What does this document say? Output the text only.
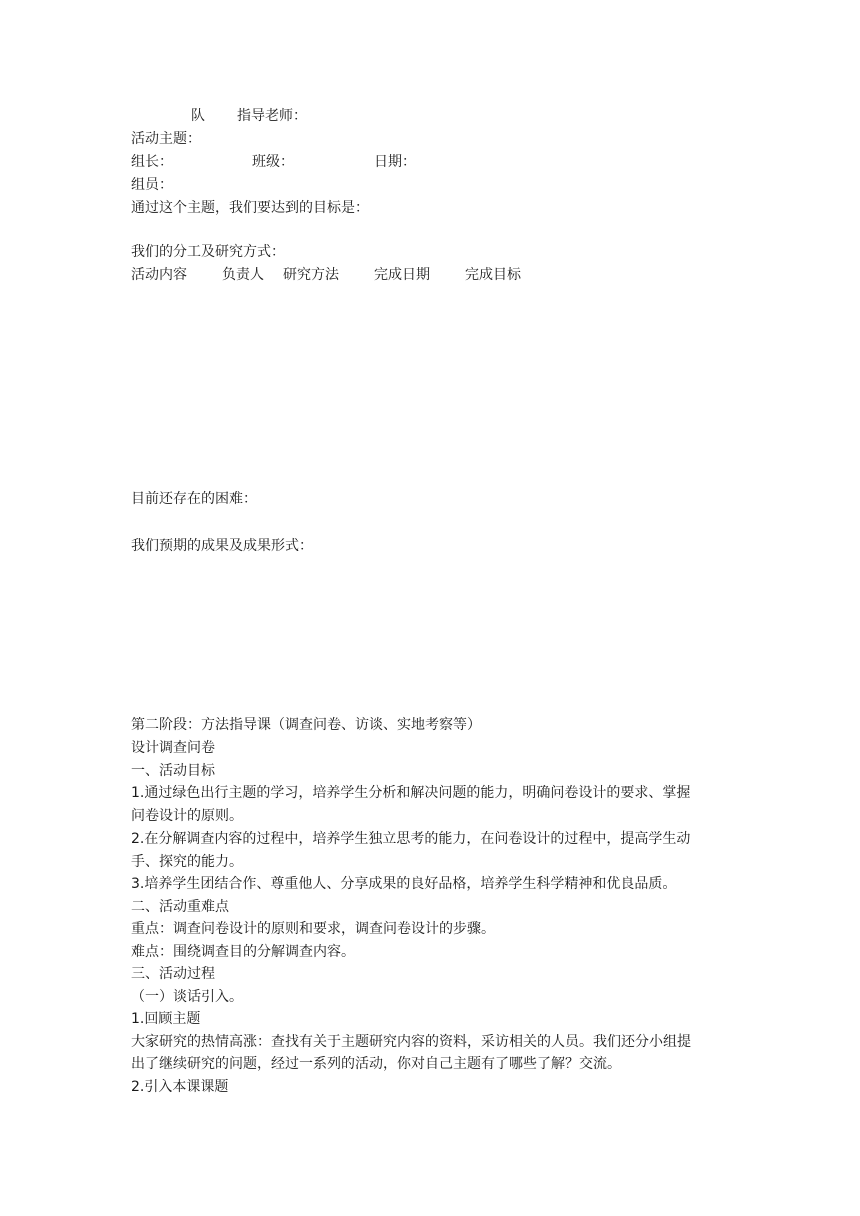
队 指导老师：
活动主题：
组长：	班级：	日期：
组员：
通过这个主题，我们要达到的目标是：
我们的分工及研究方式：
活动内容	负责人 研究方法	完成日期	完成目标
目前还存在的困难：
我们预期的成果及成果形式：
第二阶段：方法指导课（调查问卷、访谈、实地考察等）
设计调查问卷
一、活动目标
1.通过绿色出行主题的学习，培养学生分析和解决问题的能力，明确问卷设计的要求、掌握
问卷设计的原则。
2.在分解调查内容的过程中，培养学生独立思考的能力，在问卷设计的过程中，提高学生动
手、探究的能力。
3.培养学生团结合作、尊重他人、分享成果的良好品格，培养学生科学精神和优良品质。
二、活动重难点
重点：调查问卷设计的原则和要求，调查问卷设计的步骤。
难点：围绕调查目的分解调查内容。
三、活动过程
（一）谈话引入。
1.回顾主题
大家研究的热情高涨：查找有关于主题研究内容的资料，采访相关的人员。我们还分小组提
出了继续研究的问题，经过一系列的活动，你对自己主题有了哪些了解？交流。
2.引入本课课题
